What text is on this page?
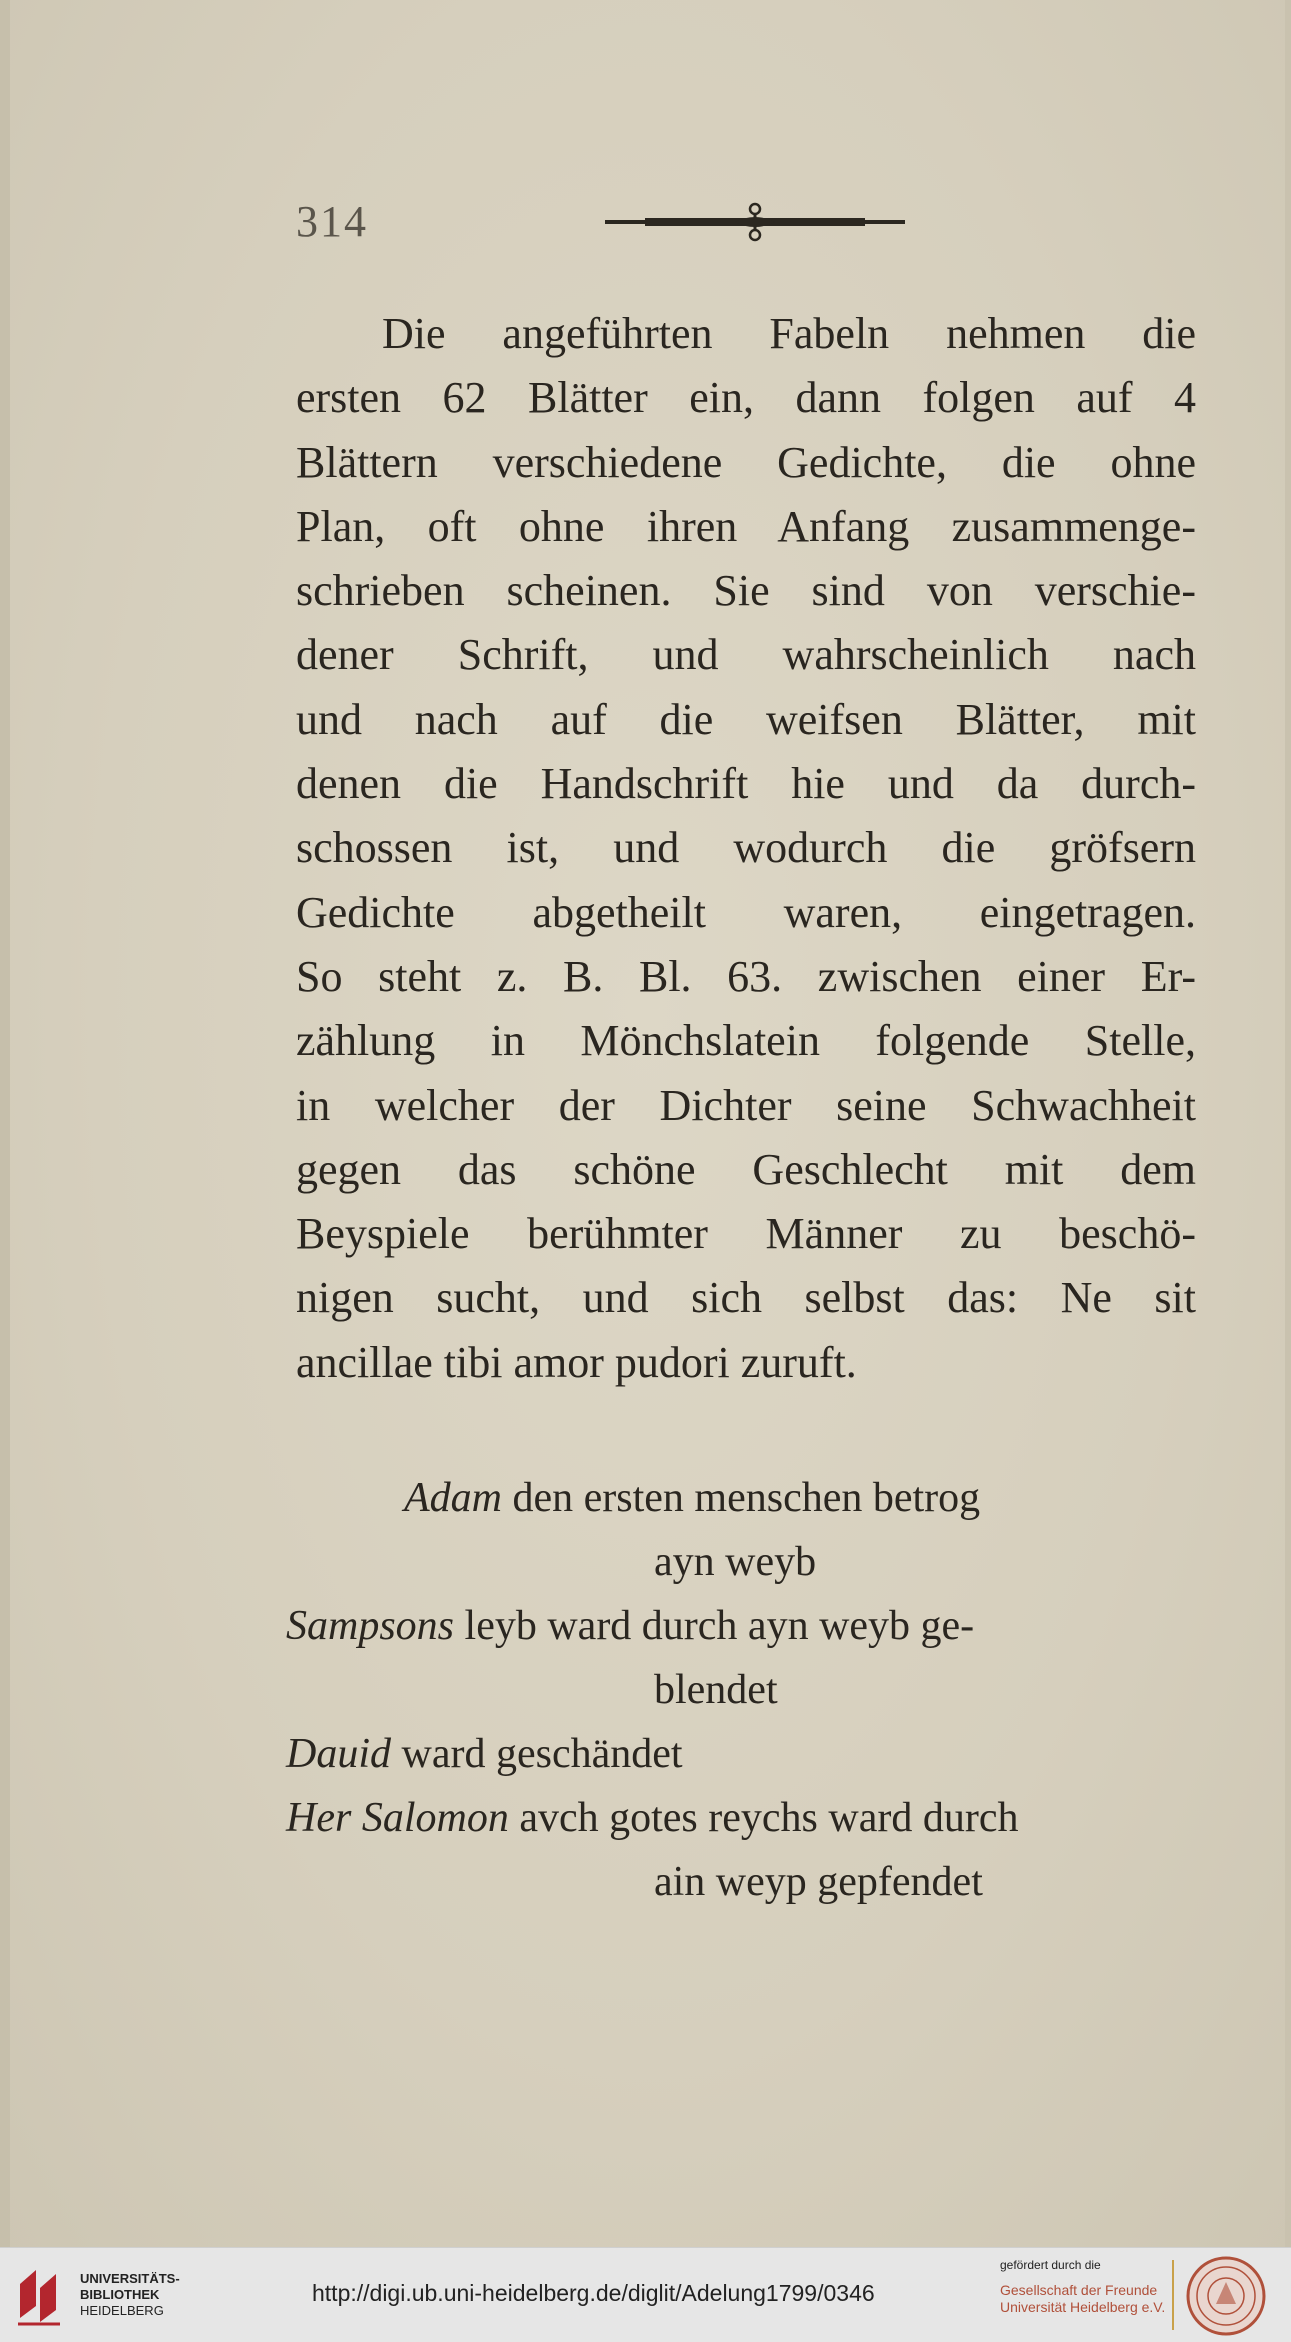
314
Die angeführten Fabeln nehmen die
ersten 62 Blätter ein, dann folgen auf 4
Blättern verschiedene Gedichte, die ohne
Plan, oft ohne ihren Anfang zusammenge-
schrieben scheinen. Sie sind von verschie-
dener Schrift, und wahrscheinlich nach
und nach auf die weifsen Blätter, mit
denen die Handschrift hie und da durch-
schossen ist, und wodurch die gröfsern
Gedichte abgetheilt waren, eingetragen.
So steht z. B. Bl. 63. zwischen einer Er-
zählung in Mönchslatein folgende Stelle,
in welcher der Dichter seine Schwachheit
gegen das schöne Geschlecht mit dem
Beyspiele berühmter Männer zu beschö-
nigen sucht, und sich selbst das: Ne sit
ancillae tibi amor pudori zuruft.
Adam den ersten menschen betrog
ayn weyb
Sampsons leyb ward durch ayn weyb ge-
blendet
Dauid ward geschändet
Her Salomon avch gotes reychs ward durch
ain weyp gepfendet
UNIVERSITÄTS-
BIBLIOTHEK
HEIDELBERG
http://digi.ub.uni-heidelberg.de/diglit/Adelung1799/0346
gefördert durch die
Gesellschaft der Freunde
Universität Heidelberg e.V.
